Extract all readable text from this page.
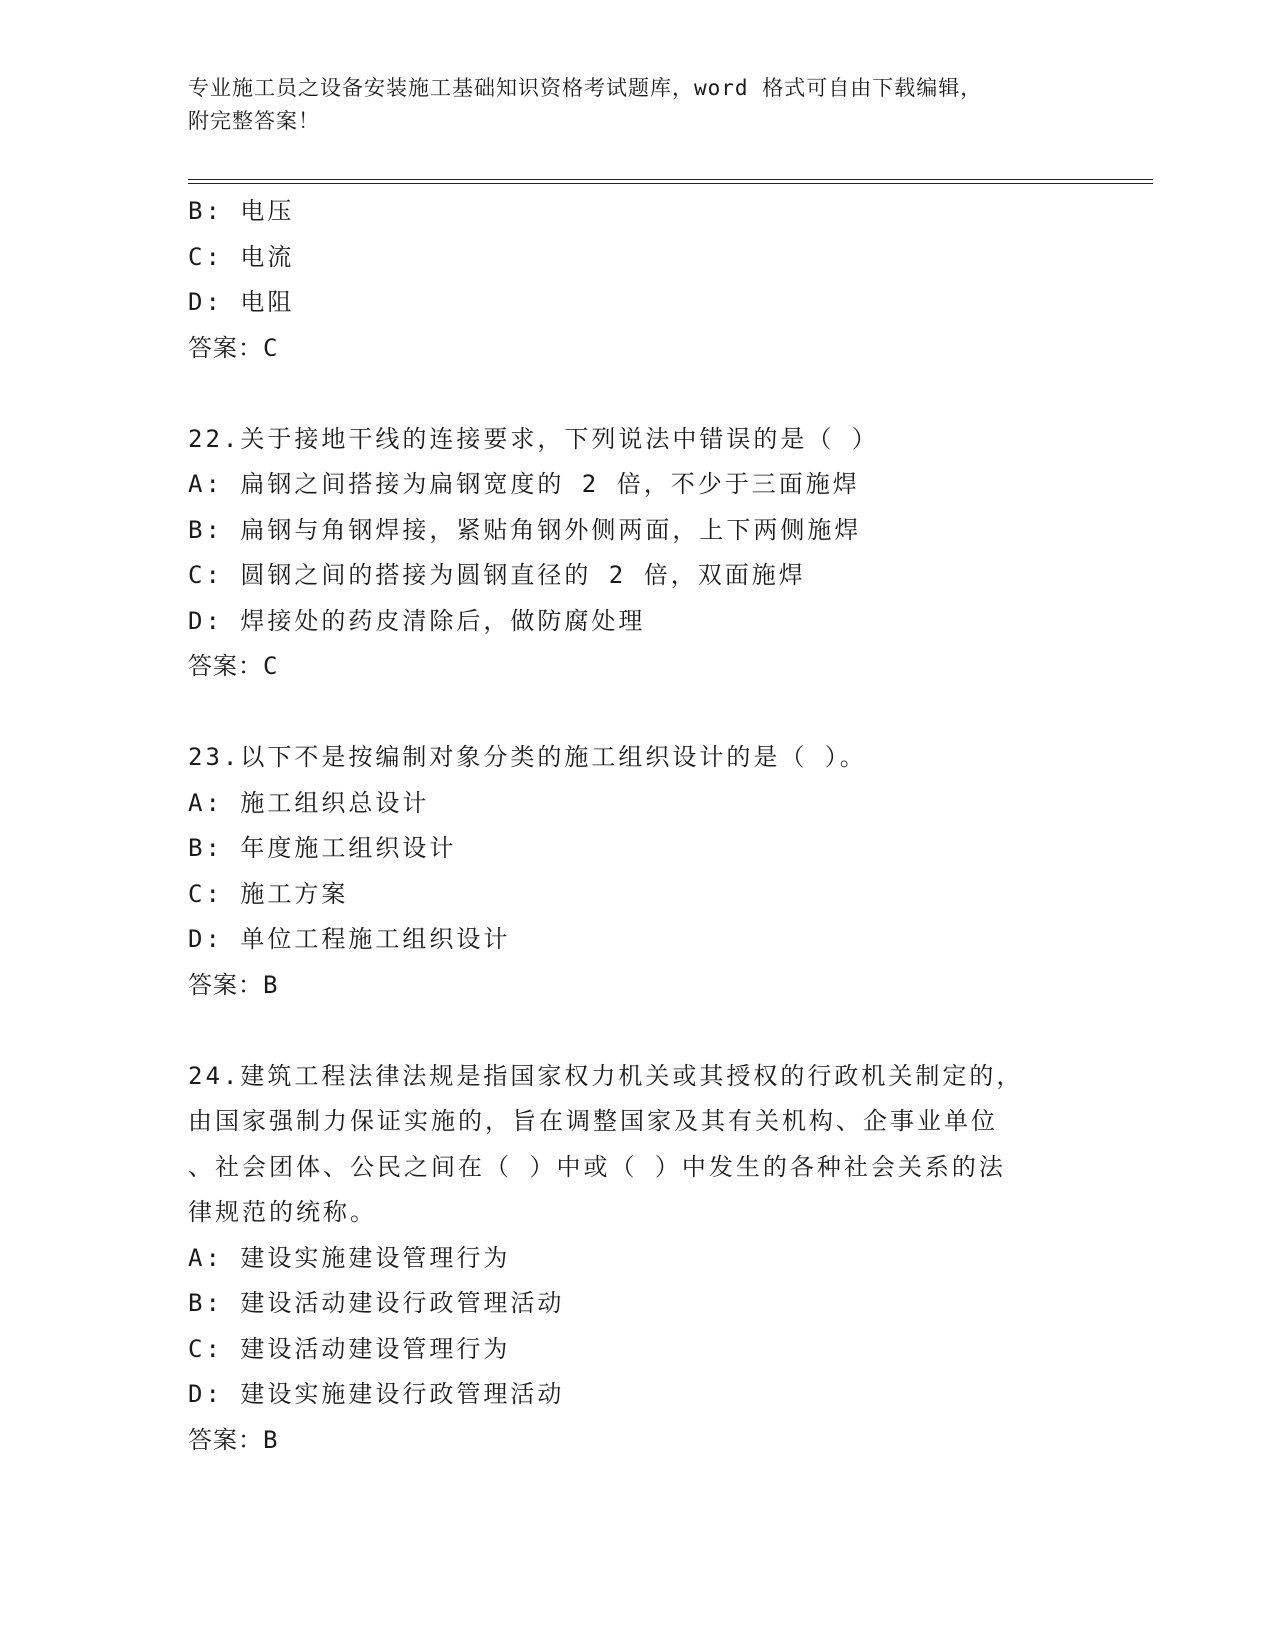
专业施工员之设备安装施工基础知识资格考试题库，word 格式可自由下载编辑，
附完整答案！
B: 电压
C: 电流
D: 电阻
答案：C
22.关于接地干线的连接要求，下列说法中错误的是（ ）
A: 扁钢之间搭接为扁钢宽度的 2 倍，不少于三面施焊
B: 扁钢与角钢焊接，紧贴角钢外侧两面，上下两侧施焊
C: 圆钢之间的搭接为圆钢直径的 2 倍，双面施焊
D: 焊接处的药皮清除后，做防腐处理
答案：C
23.以下不是按编制对象分类的施工组织设计的是（ ）。
A: 施工组织总设计
B: 年度施工组织设计
C: 施工方案
D: 单位工程施工组织设计
答案：B
24.建筑工程法律法规是指国家权力机关或其授权的行政机关制定的，
由国家强制力保证实施的，旨在调整国家及其有关机构、企事业单位
、社会团体、公民之间在（ ）中或（ ）中发生的各种社会关系的法
律规范的统称。
A: 建设实施建设管理行为
B: 建设活动建设行政管理活动
C: 建设活动建设管理行为
D: 建设实施建设行政管理活动
答案：B
